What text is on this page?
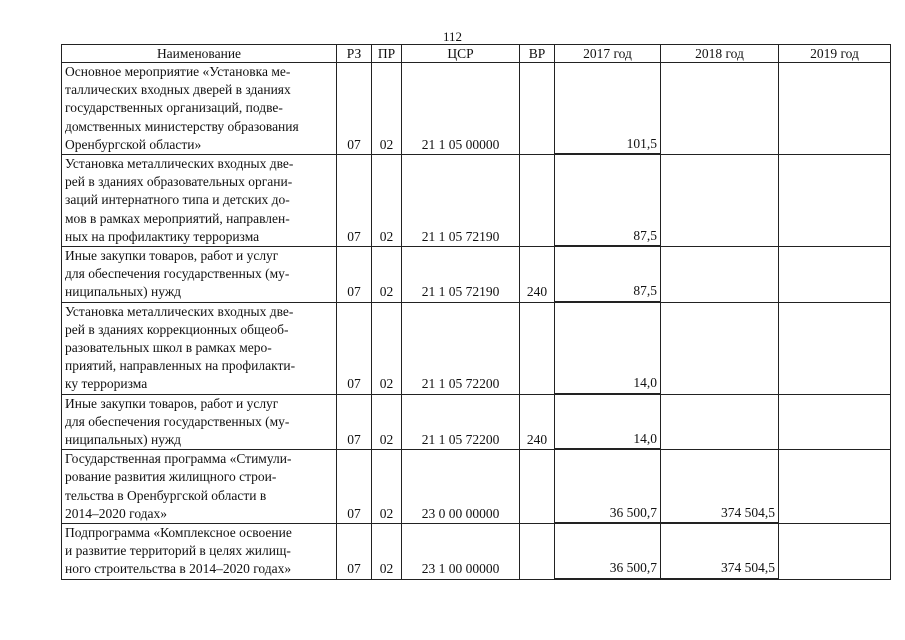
112
Наименование	РЗ	ПР	ЦСР	ВР	2017 год	2018 год	2019 год

Основное мероприятие «Установка ме-
таллических входных дверей в зданиях
государственных организаций, подве-
домственных министерству образования
Оренбургской области»	07	02	21 1 05 00000		101,5		

Установка металлических входных две-
рей в зданиях образовательных органи-
заций интернатного типа и детских до-
мов в рамках мероприятий, направлен-
ных на профилактику терроризма	07	02	21 1 05 72190		87,5		

Иные закупки товаров, работ и услуг
для обеспечения государственных (му-
ниципальных) нужд	07	02	21 1 05 72190	240	87,5		

Установка металлических входных две-
рей в зданиях коррекционных общеоб-
разовательных школ в рамках меро-
приятий, направленных на профилакти-
ку терроризма	07	02	21 1 05 72200		14,0		

Иные закупки товаров, работ и услуг
для обеспечения государственных (му-
ниципальных) нужд	07	02	21 1 05 72200	240	14,0		

Государственная программа «Стимули-
рование развития жилищного строи-
тельства в Оренбургской области в
2014–2020 годах»	07	02	23 0 00 00000		36 500,7	374 504,5	

Подпрограмма «Комплексное освоение
и развитие территорий в целях жилищ-
ного строительства в 2014–2020 годах»	07	02	23 1 00 00000		36 500,7	374 504,5	
